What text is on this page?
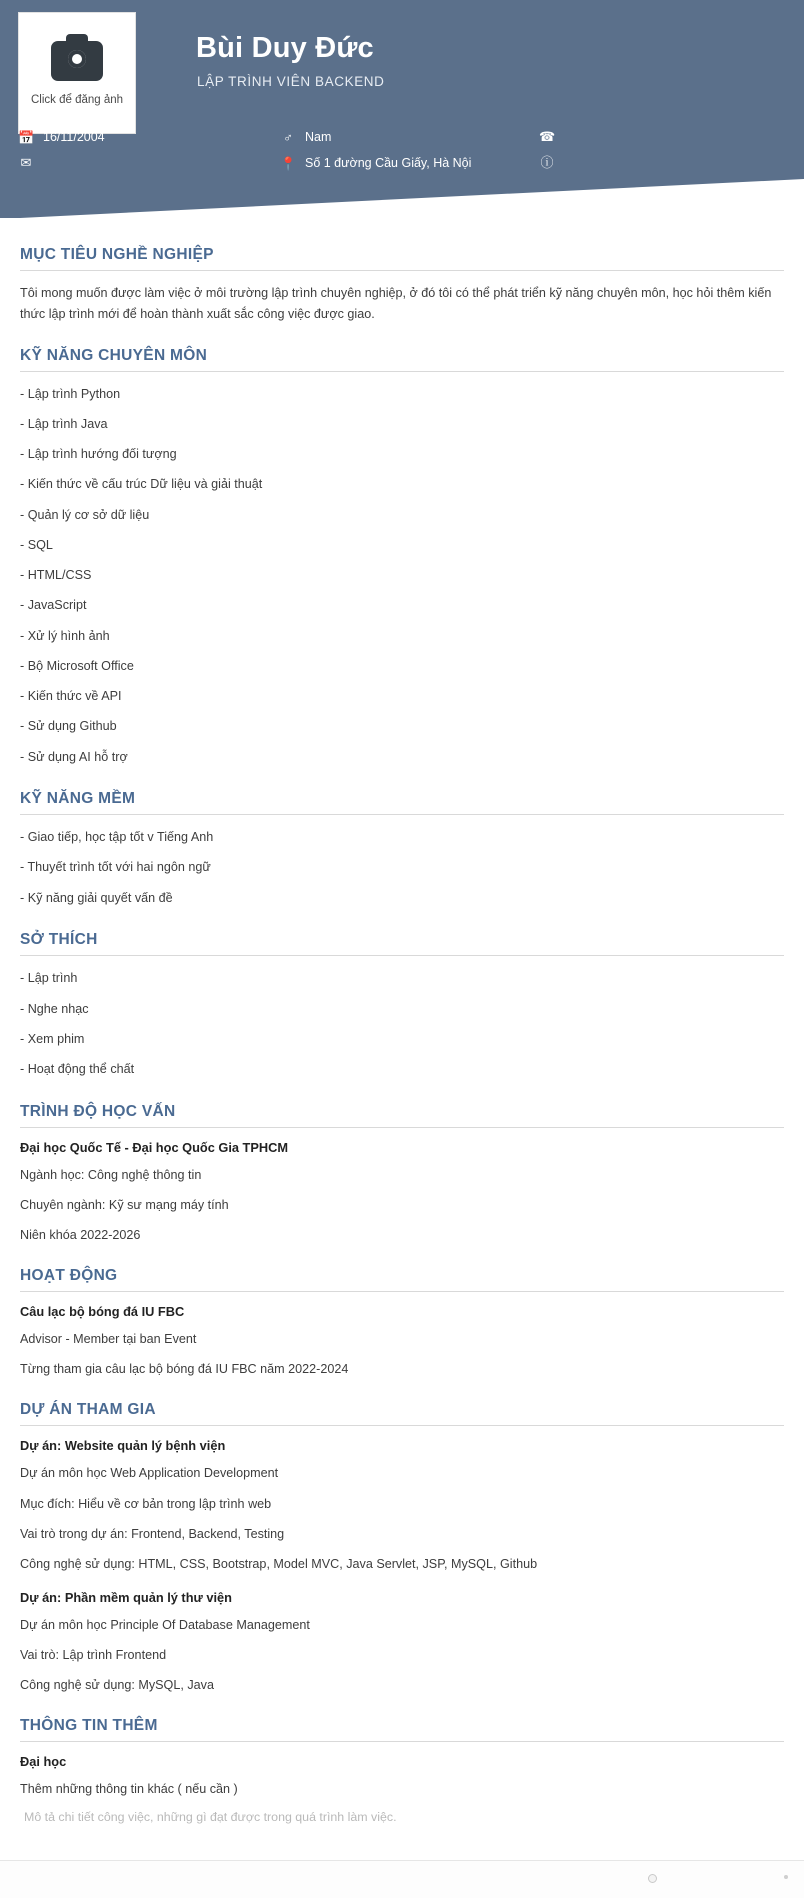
Click để đăng ảnh
Bùi Duy Đức
LẬP TRÌNH VIÊN BACKEND
📅 16/11/2004
✉
♂ Nam
📍 Số 1 đường Cầu Giấy, Hà Nội
☎
ⓘ
MỤC TIÊU NGHỀ NGHIỆP

Tôi mong muốn được làm việc ở môi trường lập trình chuyên nghiệp, ở đó tôi có thể phát triển kỹ năng chuyên môn, học hỏi thêm kiến thức lập trình mới để hoàn thành xuất sắc công việc được giao.

KỸ NĂNG CHUYÊN MÔN
- Lập trình Python
- Lập trình Java
- Lập trình hướng đối tượng
- Kiến thức về cấu trúc Dữ liệu và giải thuật
- Quản lý cơ sở dữ liệu
- SQL
- HTML/CSS
- JavaScript
- Xử lý hình ảnh
- Bộ Microsoft Office
- Kiến thức về API
- Sử dụng Github
- Sử dụng AI hỗ trợ
KỸ NĂNG MỀM
- Giao tiếp, học tập tốt v Tiếng Anh
- Thuyết trình tốt với hai ngôn ngữ
- Kỹ năng giải quyết vấn đề
SỞ THÍCH
- Lập trình
- Nghe nhạc
- Xem phim
- Hoạt động thể chất
TRÌNH ĐỘ HỌC VẤN
Đại học Quốc Tế - Đại học Quốc Gia TPHCM

Ngành học: Công nghệ thông tin

Chuyên ngành: Kỹ sư mạng máy tính

Niên khóa 2022-2026

HOẠT ĐỘNG
Câu lạc bộ bóng đá IU FBC

Advisor - Member tại ban Event

Từng tham gia câu lạc bộ bóng đá IU FBC năm 2022-2024

DỰ ÁN THAM GIA
Dự án: Website quản lý bệnh viện

Dự án môn học Web Application Development

Mục đích: Hiểu về cơ bản trong lập trình web

Vai trò trong dự án: Frontend, Backend, Testing

Công nghệ sử dụng: HTML, CSS, Bootstrap, Model MVC, Java Servlet, JSP, MySQL, Github

Dự án: Phần mềm quản lý thư viện

Dự án môn học Principle Of Database Management

Vai trò: Lập trình Frontend

Công nghệ sử dụng: MySQL, Java

THÔNG TIN THÊM
Đại học

Thêm những thông tin khác ( nếu cần )

Mô tả chi tiết công việc, những gì đạt được trong quá trình làm việc.
